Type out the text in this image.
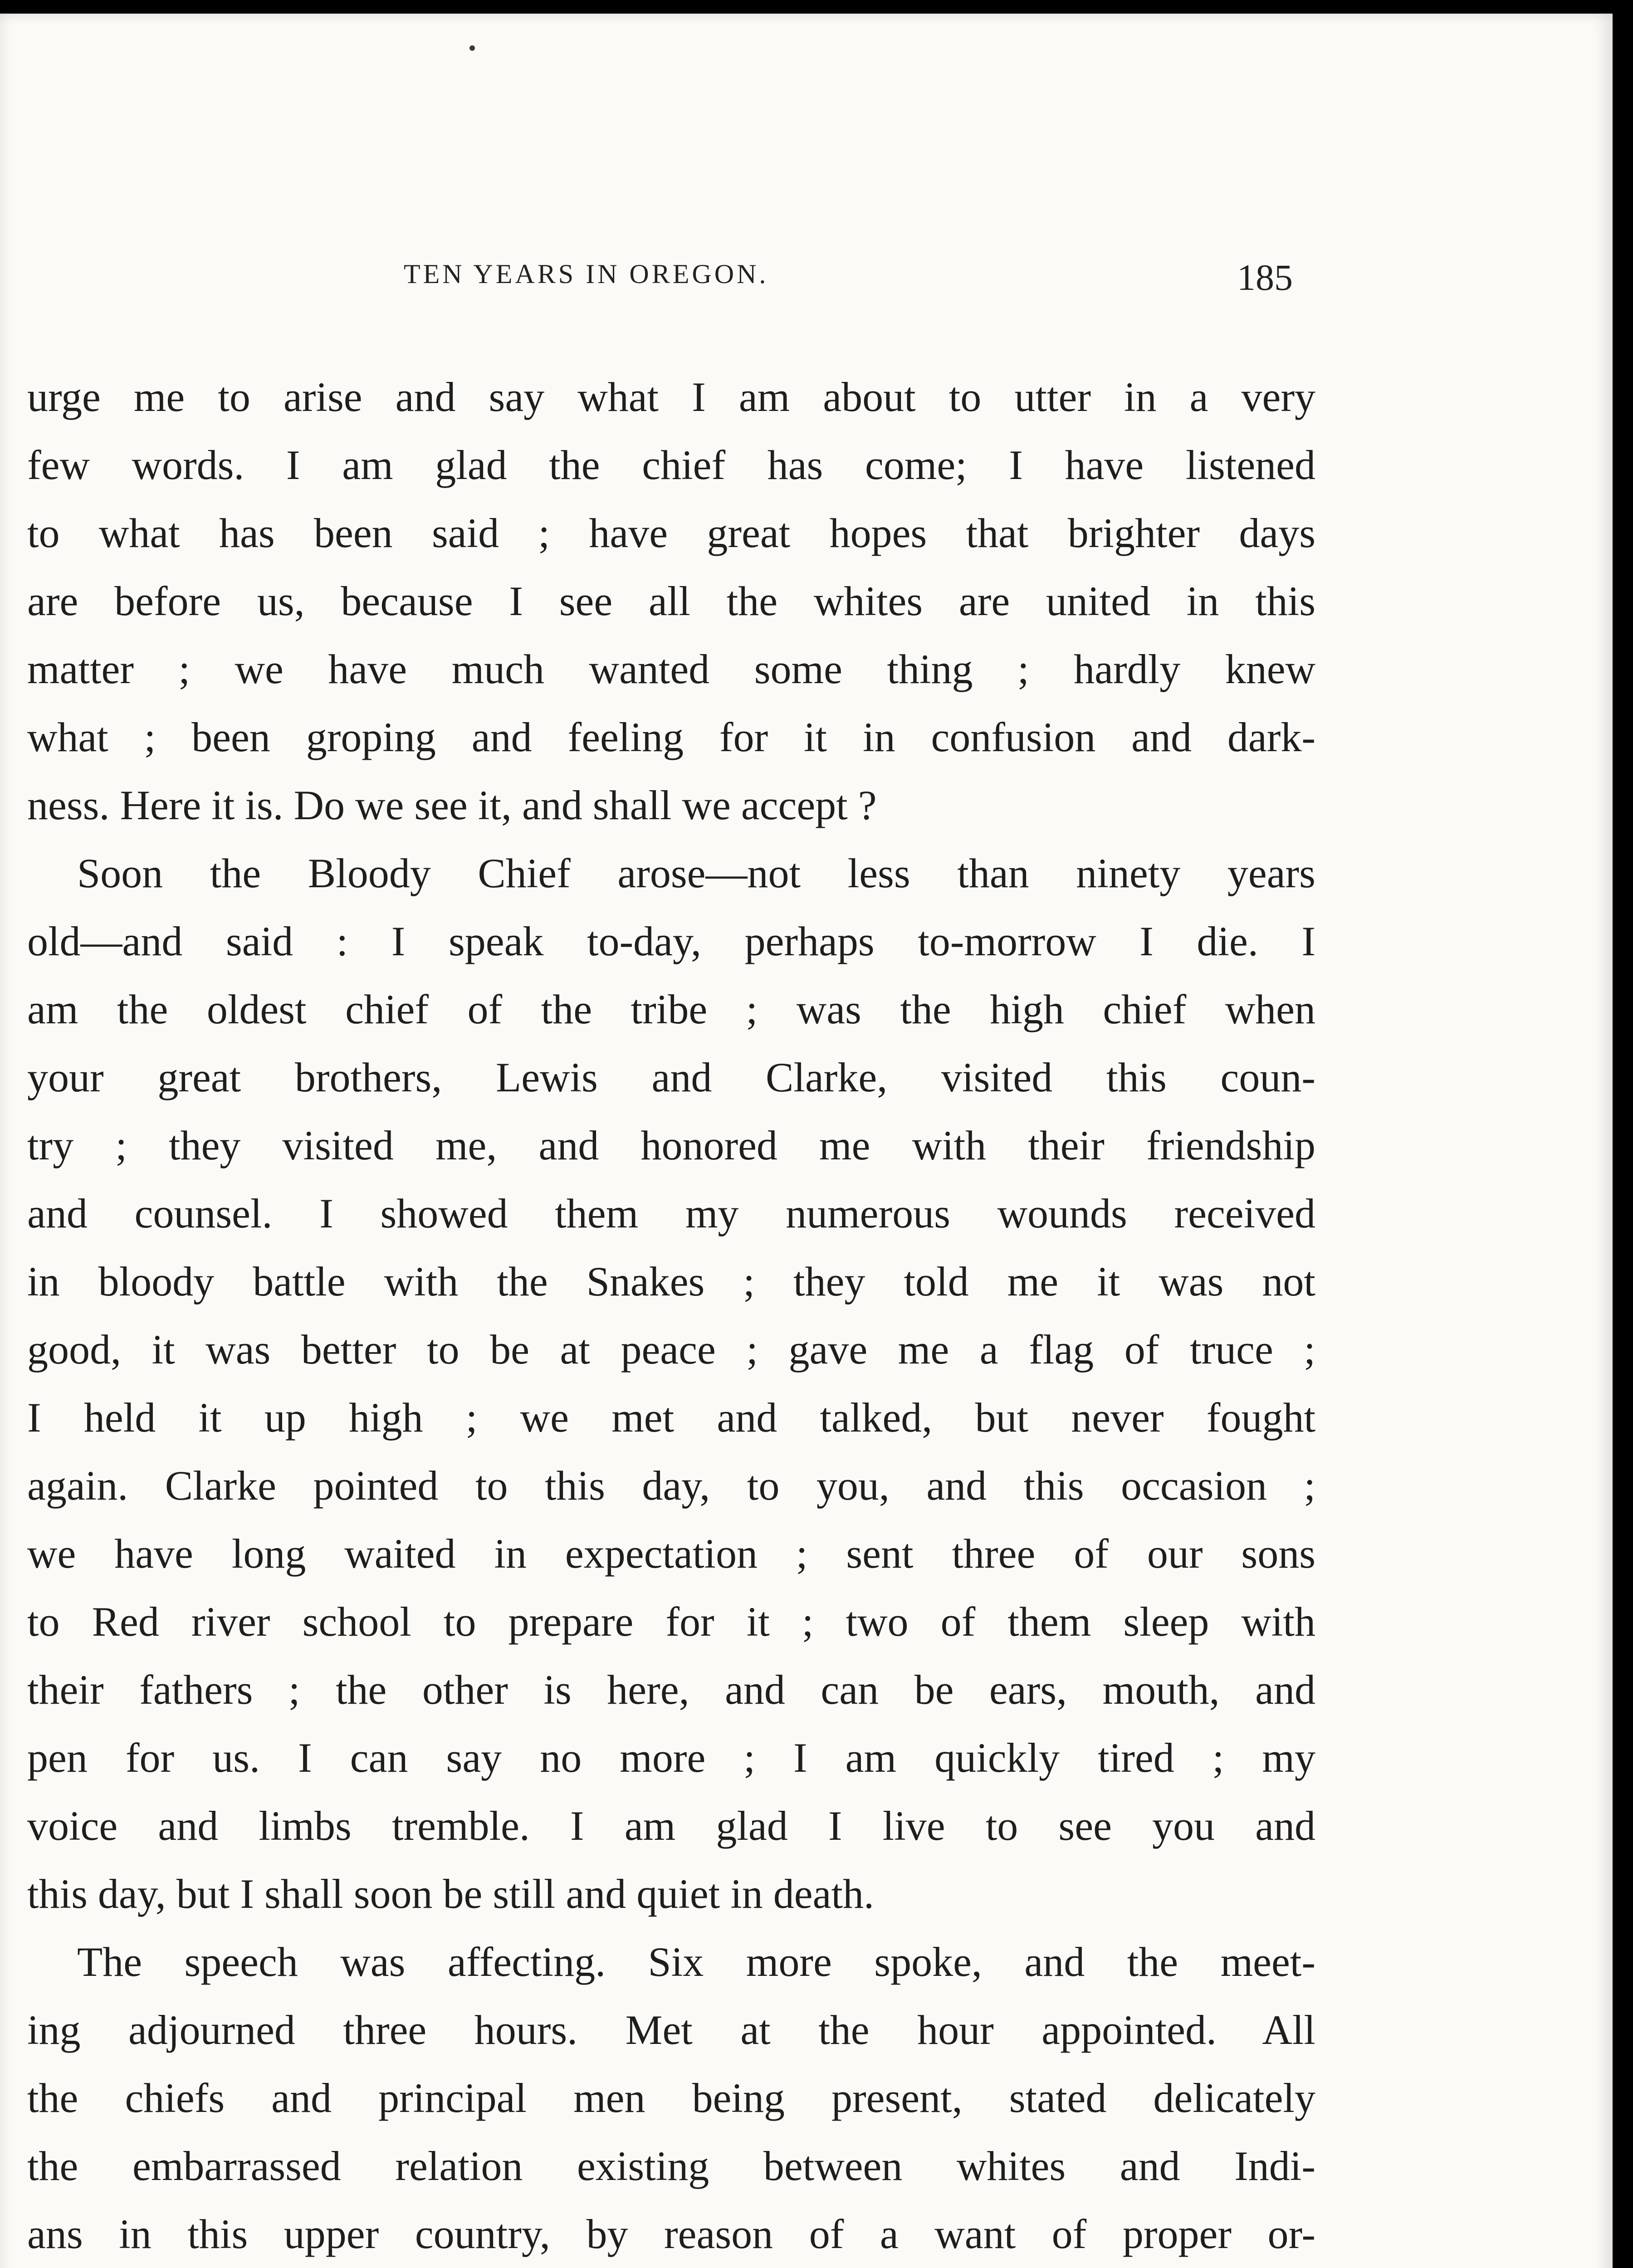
TEN YEARS IN OREGON.	185
urge me to arise and say what I am about to utter in a very
few words. I am glad the chief has come; I have listened
to what has been said ; have great hopes that brighter days
are before us, because I see all the whites are united in this
matter ; we have much wanted some thing ; hardly knew
what ; been groping and feeling for it in confusion and dark-
ness. Here it is. Do we see it, and shall we accept ?
Soon the Bloody Chief arose—not less than ninety years
old—and said : I speak to-day, perhaps to-morrow I die. I
am the oldest chief of the tribe ; was the high chief when
your great brothers, Lewis and Clarke, visited this coun-
try ; they visited me, and honored me with their friendship
and counsel. I showed them my numerous wounds received
in bloody battle with the Snakes ; they told me it was not
good, it was better to be at peace ; gave me a flag of truce ;
I held it up high ; we met and talked, but never fought
again. Clarke pointed to this day, to you, and this occasion ;
we have long waited in expectation ; sent three of our sons
to Red river school to prepare for it ; two of them sleep with
their fathers ; the other is here, and can be ears, mouth, and
pen for us. I can say no more ; I am quickly tired ; my
voice and limbs tremble. I am glad I live to see you and
this day, but I shall soon be still and quiet in death.
The speech was affecting. Six more spoke, and the meet-
ing adjourned three hours. Met at the hour appointed. All
the chiefs and principal men being present, stated delicately
the embarrassed relation existing between whites and Indi-
ans in this upper country, by reason of a want of proper or-
